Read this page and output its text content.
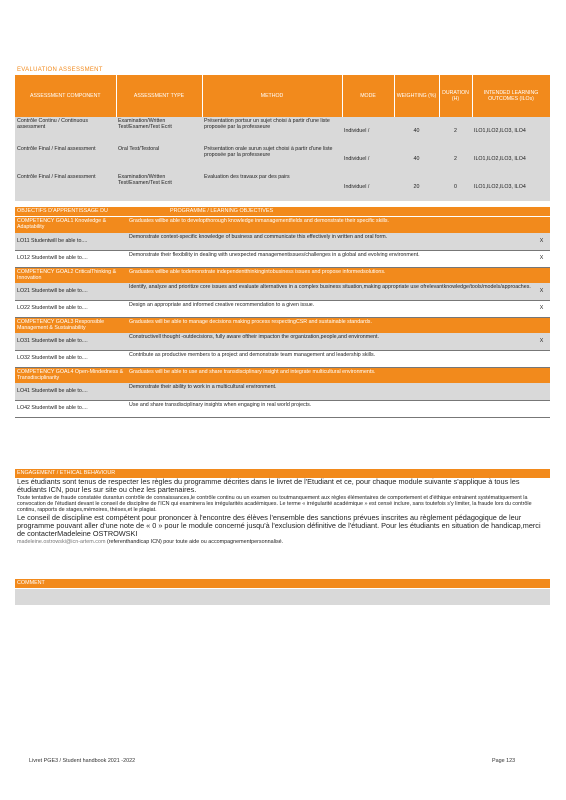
EVALUATION ASSESSMENT
ASSESSMENT COMPONENT	ASSESSMENT TYPE	METHOD	MODE	WEIGHTING (%)	DURATION (H)	INTENDED LEARNING OUTCOMES (ILOs)
Contrôle Continu / Continuous assessment	Examination/Written Test/Examen/Test Ecrit	Présentation portsur un sujet choisi à partir d'une liste proposée par la professeure	Individuel /	40	2	ILO1,ILO2,ILO3, ILO4
Contrôle Final / Final assessment	Oral Test/Testoral	Présentation orale surun sujet choisi à partir d'une liste proposée par la professeure	Individuel /	40	2	ILO1,ILO2,ILO3, ILO4
Contrôle Final / Final assessment	Examination/Written Test/Examen/Test Ecrit	Evaluation des travaux par des pairs	Individuel /	20	0	ILO1,ILO2,ILO3, ILO4
OBJECTIFS D'APPRENTISSAGE DU	PROGRAMME / LEARNING OBJECTIVES
COMPETENCY GOAL1 Knowledge & Adaptability	Graduates willbe able to developthorough knowledge inmanagementfields and demonstrate their specific skills.	
LO11 Studentwill be able to....	Demonstrate context-specific knowledge of business and communicate this effectively in written and oral form.	X
LO12 Studentwill be able to....	Demonstrate their flexibility in dealing with unexpected managementissues/challenges in a global and evolving environment.	X
COMPETENCY GOAL2 CriticalThinking & Innovation	Graduates willbe able todemonstrate independentthinkingintobusiness issues and propose informedsolutions.	
LO21 Studentwill be able to....	Identify, analyze and prioritize core issues and evaluate alternatives in a complex business situation,making appropriate use ofrelevantknowledge/tools/models/approaches.	X
LO22 Studentwill be able to....	Design an appropriate and informed creative recommendation to a given issue.	X
COMPETENCY GOAL3 Responsible Management & Sustainability	Graduates will be able to manage decisions making process respectingCSR and sustainable standards.	
LO31 Studentwill be able to....	Constructivell thought -outdecisions, fully aware oftheir impacton the organization,people,and environment.	X
LO32 Studentwill be able to....	Contribute as productive members to a project and demonstrate team management and leadership skills.	
COMPETENCY GOAL4 Open-Mindedness & Transdisciplinarity	Graduates will be able to use and share transdisciplinary insight and integrate multicultural environments.	
LO41 Studentwill be able to....	Demonstrate their ability to work in a multicultural environment.	
LO42 Studentwill be able to....	Use and share transdisciplinary insights when engaging in real world projects.	
ENGAGEMENT / ETHICAL BEHAVIOUR
Les étudiants sont tenus de respecter les règles du programme décrites dans le livret de l'Etudiant et ce, pour chaque module suivante s'applique à tous les étudiants ICN, pour les sur site ou chez les partenaires.
Toute tentative de fraude constatée durantun contrôle de connaissances,le contrôle continu ou un examen ou toutmanquement aux règles élémentaires de comportement et d'éthique entrainent systématiquement la convocation de l'étudiant devant le conseil de discipline de l'ICN qui examinera les irrégularités académiques. Le terme « irrégularité académique » est censé inclure, sans toutefois s'y limiter, la fraude lors du contrôle continu, rapports de stages,mémoires, thèses,et le plagiat.
Le conseil de discipline est compétent pour prononcer à l'encontre des élèves l'ensemble des sanctions prévues inscrites au règlement pédagogique de leur programme pouvant aller d'une note de « 0 » pour le module concerné jusqu'à l'exclusion définitive de l'étudiant. Pour les étudiants en situation de handicap,merci de contacterMadeleine OSTROWSKI
madeleine.ostrowski@icn-artem.com (referenthandicap ICN) pour toute aide ou accompagnementpersonnalisé.
COMMENT
Livret PGE3 / Student handbook 2021 -2022	Page 123
